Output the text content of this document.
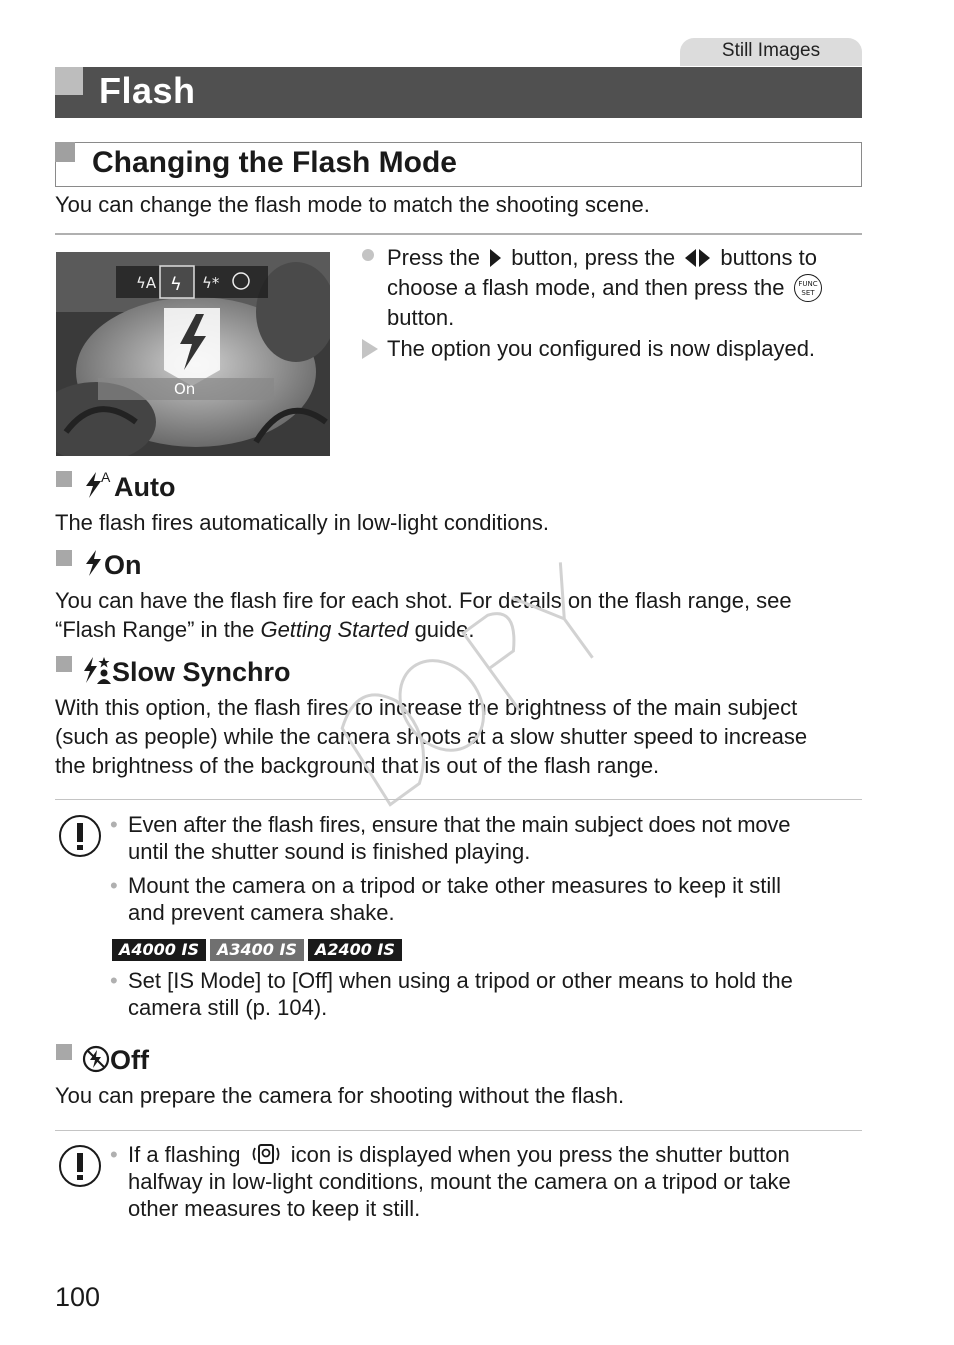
Still Images
Flash
Changing the Flash Mode
You can change the flash mode to match the shooting scene.
ϟA ϟ ϟ*
On
Press the button, press the buttons to
choose a flash mode, and then press the FUNC
SET
button.
The option you configured is now displayed.
A Auto
The flash fires automatically in low-light conditions.
On
You can have the flash fire for each shot. For details on the flash range, see
“Flash Range” in the Getting Started guide.
Slow Synchro
With this option, the flash fires to increase the brightness of the main subject
(such as people) while the camera shoots at a slow shutter speed to increase
the brightness of the background that is out of the flash range.
• Even after the flash fires, ensure that the main subject does not move
until the shutter sound is finished playing.
• Mount the camera on a tripod or take other measures to keep it still
and prevent camera shake.
A4000 IS A3400 IS A2400 IS
• Set [IS Mode] to [Off] when using a tripod or other means to hold the
camera still (p. 104).
Off
You can prepare the camera for shooting without the flash.
• If a flashing icon is displayed when you press the shutter button
halfway in low-light conditions, mount the camera on a tripod or take
other measures to keep it still.
100
